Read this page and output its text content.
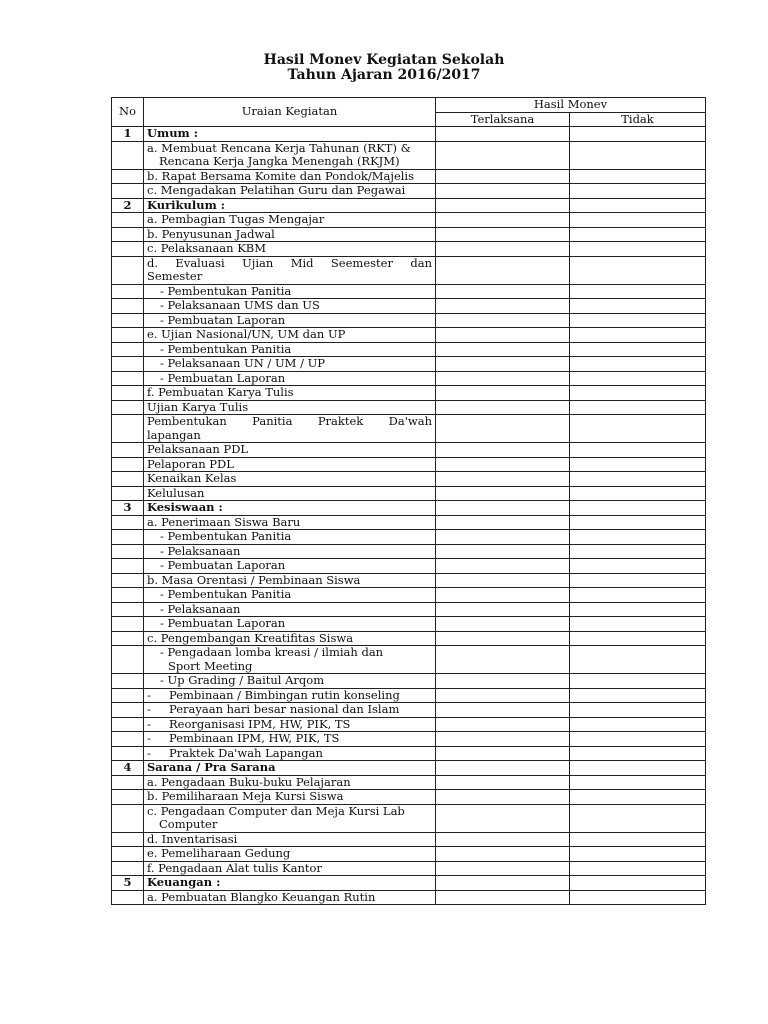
Hasil Monev Kegiatan Sekolah
Tahun Ajaran 2016/2017
No	Uraian Kegiatan	Hasil Monev	
		Terlaksana	Tidak
1	Umum :		

	a. Membuat Rencana Kerja Tahunan (RKT) &
Rencana Kerja Jangka Menengah (RKJM)		

	b. Rapat Bersama Komite dan Pondok/Majelis		

	c. Mengadakan Pelatihan Guru dan Pegawai		

2	Kurikulum :		

	a. Pembagian Tugas Mengajar		

	b. Penyusunan Jadwal		

	c. Pelaksanaan KBM		

	d. Evaluasi Ujian Mid Seemester dan
Semester		

	- Pembentukan Panitia		

	- Pelaksanaan UMS dan US		

	- Pembuatan Laporan		

	e. Ujian Nasional/UN, UM dan UP		

	- Pembentukan Panitia		

	- Pelaksanaan UN / UM / UP		

	- Pembuatan Laporan		

	f. Pembuatan Karya Tulis		

	Ujian Karya Tulis		

	Pembentukan Panitia Praktek Da'wah
lapangan		

	Pelaksanaan PDL		

	Pelaporan PDL		

	Kenaikan Kelas		

	Kelulusan		

3	Kesiswaan :		

	a. Penerimaan Siswa Baru		

	- Pembentukan Panitia		

	- Pelaksanaan		

	- Pembuatan Laporan		

	b. Masa Orentasi / Pembinaan Siswa		

	- Pembentukan Panitia		

	- Pelaksanaan		

	- Pembuatan Laporan		

	c. Pengembangan Kreatifitas Siswa		

	- Pengadaan lomba kreasi / ilmiah dan
Sport Meeting		

	- Up Grading / Baitul Arqom		

	- Pembinaan / Bimbingan rutin konseling		

	- Perayaan hari besar nasional dan Islam		

	- Reorganisasi IPM, HW, PIK, TS		

	- Pembinaan IPM, HW, PIK, TS		

	- Praktek Da'wah Lapangan		

4	Sarana / Pra Sarana		

	a. Pengadaan Buku-buku Pelajaran		

	b. Pemiliharaan Meja Kursi Siswa		

	c. Pengadaan Computer dan Meja Kursi Lab
Computer		

	d. Inventarisasi		

	e. Pemeliharaan Gedung		

	f. Pengadaan Alat tulis Kantor		

5	Keuangan :		

	a. Pembuatan Blangko Keuangan Rutin		
